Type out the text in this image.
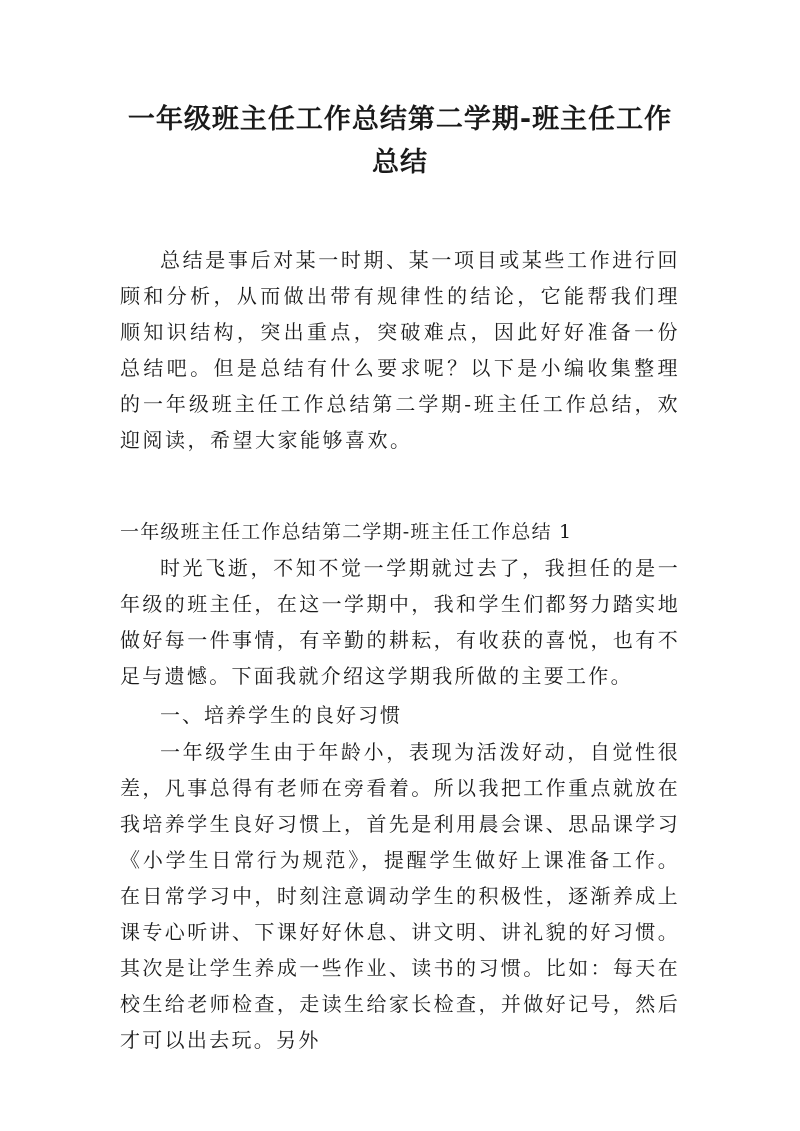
一年级班主任工作总结第二学期-班主任工作总结

总结是事后对某一时期、某一项目或某些工作进行回顾和分析，从而做出带有规律性的结论，它能帮我们理顺知识结构，突出重点，突破难点，因此好好准备一份总结吧。但是总结有什么要求呢？以下是小编收集整理的一年级班主任工作总结第二学期-班主任工作总结，欢迎阅读，希望大家能够喜欢。

一年级班主任工作总结第二学期-班主任工作总结 1

时光飞逝，不知不觉一学期就过去了，我担任的是一年级的班主任，在这一学期中，我和学生们都努力踏实地做好每一件事情，有辛勤的耕耘，有收获的喜悦，也有不足与遗憾。下面我就介绍这学期我所做的主要工作。

一、培养学生的良好习惯

一年级学生由于年龄小，表现为活泼好动，自觉性很差，凡事总得有老师在旁看着。所以我把工作重点就放在我培养学生良好习惯上，首先是利用晨会课、思品课学习《小学生日常行为规范》，提醒学生做好上课准备工作。在日常学习中，时刻注意调动学生的积极性，逐渐养成上课专心听讲、下课好好休息、讲文明、讲礼貌的好习惯。其次是让学生养成一些作业、读书的习惯。比如：每天在校生给老师检查，走读生给家长检查，并做好记号，然后才可以出去玩。另外
